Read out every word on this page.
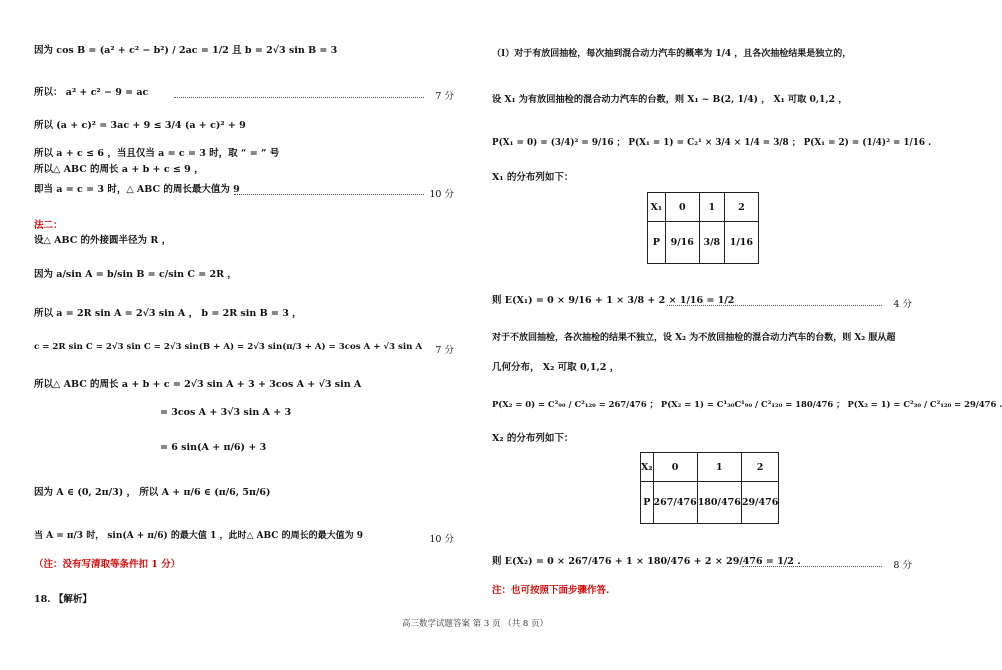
因为 cos B = (a² + c² − b²) / 2ac = 1/2 且 b = 2√3 sin B = 3
所以： a² + c² − 9 = ac	7 分
所以 (a + c)² = 3ac + 9 ≤ 3/4 (a + c)² + 9
所以 a + c ≤ 6 ，当且仅当 a = c = 3 时，取 “ = ” 号
所以△ ABC 的周长 a + b + c ≤ 9 ，
即当 a = c = 3 时，△ ABC 的周长最大值为 9	10 分
法二：
设△ ABC 的外接圆半径为 R ，
因为 a/sin A = b/sin B = c/sin C = 2R ，
所以 a = 2R sin A = 2√3 sin A ， b = 2R sin B = 3 ，
c = 2R sin C = 2√3 sin C = 2√3 sin(B + A) = 2√3 sin(π/3 + A) = 3cos A + √3 sin A 7 分
所以△ ABC 的周长 a + b + c = 2√3 sin A + 3 + 3cos A + √3 sin A
= 3cos A + 3√3 sin A + 3
= 6 sin(A + π/6) + 3
因为 A ∈ (0, 2π/3) ， 所以 A + π/6 ∈ (π/6, 5π/6)
当 A = π/3 时， sin(A + π/6) 的最大值 1 ，此时△ ABC 的周长的最大值为 9	10 分
（注：没有写清取等条件扣 1 分）
18. 【解析】
（Ⅰ）对于有放回抽检，每次抽到混合动力汽车的概率为 1/4 ，且各次抽检结果是独立的，
设 X₁ 为有放回抽检的混合动力汽车的台数，则 X₁ ~ B(2, 1/4) ， X₁ 可取 0,1,2 ，
P(X₁ = 0) = (3/4)² = 9/16 ； P(X₁ = 1) = C₂¹ × 3/4 × 1/4 = 3/8 ； P(X₁ = 2) = (1/4)² = 1/16 .
X₁ 的分布列如下：
X₁	0	1	2
P	9/16	3/8	1/16
则 E(X₁) = 0 × 9/16 + 1 × 3/8 + 2 × 1/16 = 1/2	4 分
对于不放回抽检，各次抽检的结果不独立，设 X₂ 为不放回抽检的混合动力汽车的台数，则 X₂ 服从超
几何分布， X₂ 可取 0,1,2 ，
P(X₂ = 0) = C²₉₀ / C²₁₂₀ = 267/476 ； P(X₂ = 1) = C¹₃₀C¹₉₀ / C²₁₂₀ = 180/476 ； P(X₂ = 1) = C²₃₀ / C²₁₂₀ = 29/476 .
X₂ 的分布列如下：
X₂	0	1	2
P	267/476	180/476	29/476
则 E(X₂) = 0 × 267/476 + 1 × 180/476 + 2 × 29/476 = 1/2 .	8 分
注：也可按照下面步骤作答.
高三数学试题答案 第 3 页 （共 8 页）
